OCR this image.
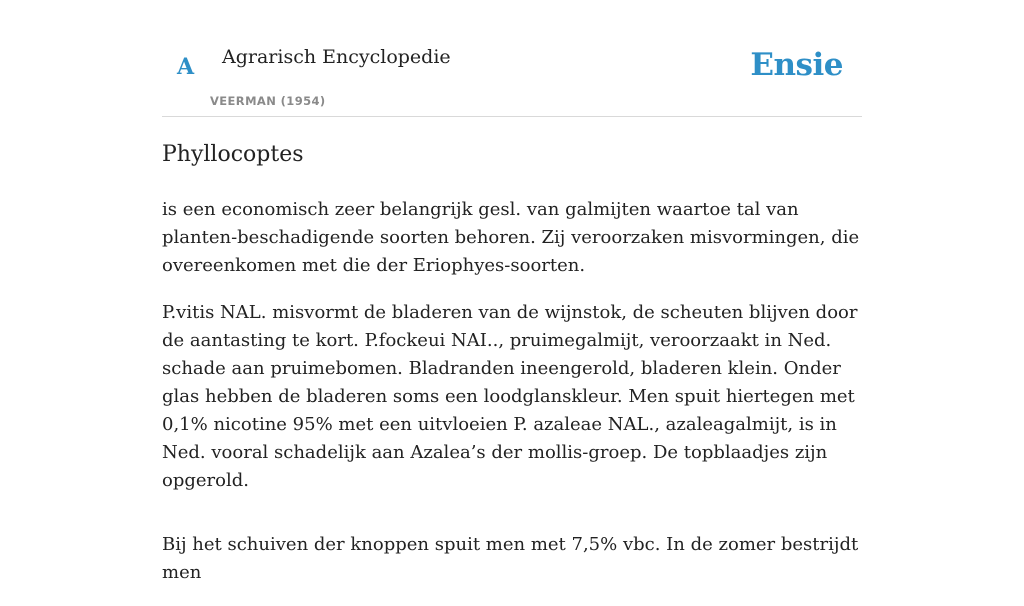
A Agrarisch Encyclopedie
VEERMAN (1954)
Ensie
Phyllocoptes

is een economisch zeer belangrijk gesl. van galmijten waartoe tal van planten-beschadigende soorten behoren. Zij veroorzaken misvormingen, die overeenkomen met die der Eriophyes-soorten.

P.vitis NAL. misvormt de bladeren van de wijnstok, de scheuten blijven door de aantasting te kort. P.fockeui NAI.., pruimegalmijt, veroorzaakt in Ned. schade aan pruimebomen. Bladranden ineengerold, bladeren klein. Onder glas hebben de bladeren soms een loodglanskleur. Men spuit hiertegen met 0,1% nicotine 95% met een uitvloeien P. azaleae NAL., azaleagalmijt, is in Ned. vooral schadelijk aan Azalea’s der mollis-groep. De topblaadjes zijn opgerold.

Bij het schuiven der knoppen spuit men met 7,5% vbc. In de zomer bestrijdt men
